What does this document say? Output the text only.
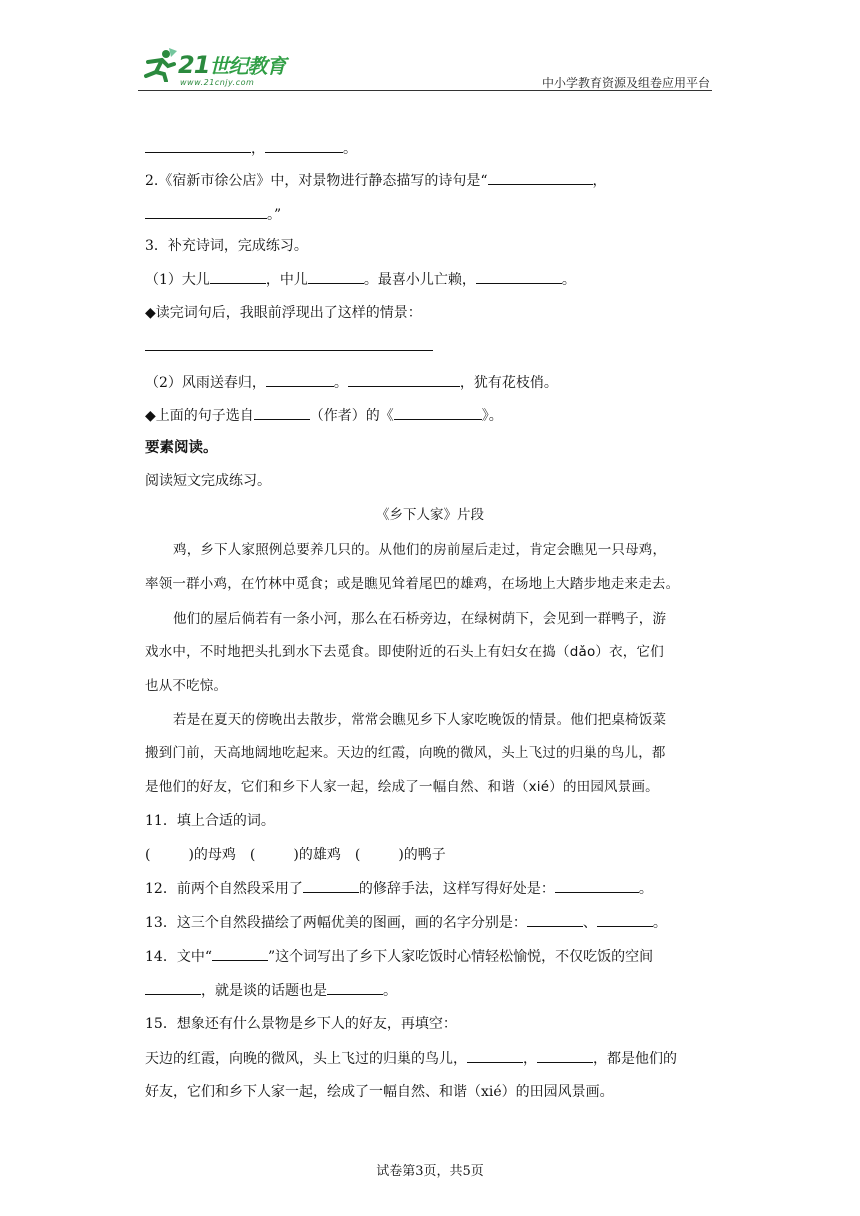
21世纪教育
www.21cnjy.com	中小学教育资源及组卷应用平台
，	。
2.《宿新市徐公店》中，对景物进行静态描写的诗句是“	，
。”
3．补充诗词，完成练习。
（1）大儿	，中儿	。最喜小儿亡赖，	。
◆读完词句后，我眼前浮现出了这样的情景：
（2）风雨送春归，	。	，犹有花枝俏。
◆上面的句子选自	（作者）的《	》。
要素阅读。
阅读短文完成练习。
《乡下人家》片段
鸡，乡下人家照例总要养几只的。从他们的房前屋后走过，肯定会瞧见一只母鸡，
率领一群小鸡，在竹林中觅食；或是瞧见耸着尾巴的雄鸡，在场地上大踏步地走来走去。
他们的屋后倘若有一条小河，那么在石桥旁边，在绿树荫下，会见到一群鸭子，游
戏水中，不时地把头扎到水下去觅食。即使附近的石头上有妇女在捣（dǎo）衣，它们
也从不吃惊。
若是在夏天的傍晚出去散步，常常会瞧见乡下人家吃晚饭的情景。他们把桌椅饭菜
搬到门前，天高地阔地吃起来。天边的红霞，向晚的微风，头上飞过的归巢的鸟儿，都
是他们的好友，它们和乡下人家一起，绘成了一幅自然、和谐（xié）的田园风景画。
11．填上合适的词。
(	)的母鸡　(	)的雄鸡　(	)的鸭子
12．前两个自然段采用了	的修辞手法，这样写得好处是：	。
13．这三个自然段描绘了两幅优美的图画，画的名字分别是：	、	。
14．文中“	”这个词写出了乡下人家吃饭时心情轻松愉悦，不仅吃饭的空间
，就是谈的话题也是	。
15．想象还有什么景物是乡下人的好友，再填空：
天边的红霞，向晚的微风，头上飞过的归巢的鸟儿，	，	，都是他们的
好友，它们和乡下人家一起，绘成了一幅自然、和谐（xié）的田园风景画。
试卷第3页，共5页
